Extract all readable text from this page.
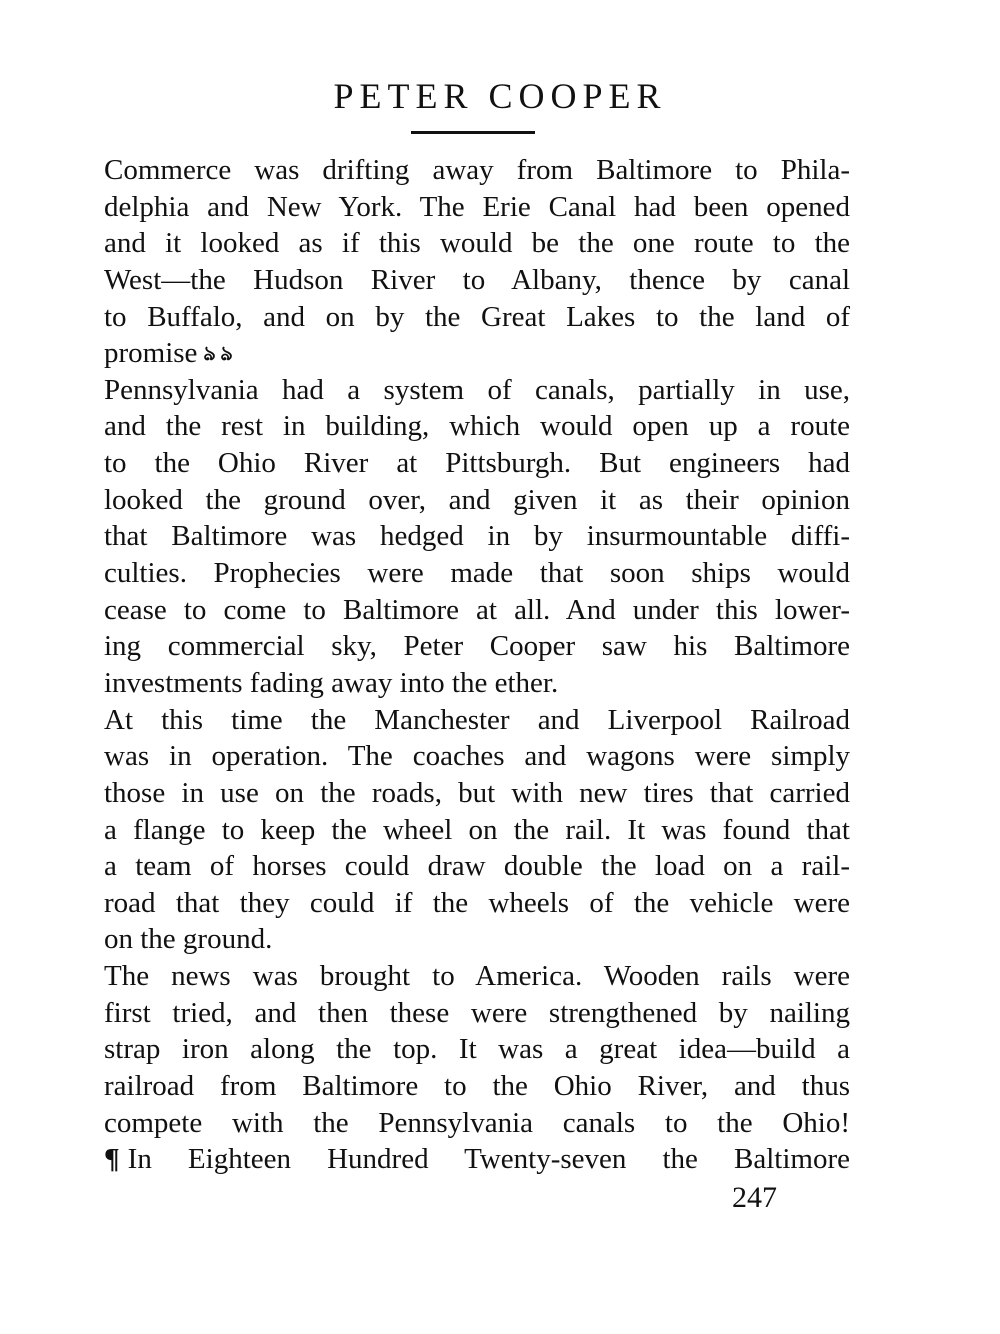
PETER COOPER
Commerce was drifting away from Baltimore to Phila-
delphia and New York. The Erie Canal had been opened
and it looked as if this would be the one route to the
West—the Hudson River to Albany, thence by canal
to Buffalo, and on by the Great Lakes to the land of
promise ঌ ঌ
Pennsylvania had a system of canals, partially in use,
and the rest in building, which would open up a route
to the Ohio River at Pittsburgh. But engineers had
looked the ground over, and given it as their opinion
that Baltimore was hedged in by insurmountable diffi-
culties. Prophecies were made that soon ships would
cease to come to Baltimore at all. And under this lower-
ing commercial sky, Peter Cooper saw his Baltimore
investments fading away into the ether.
At this time the Manchester and Liverpool Railroad
was in operation. The coaches and wagons were simply
those in use on the roads, but with new tires that carried
a flange to keep the wheel on the rail. It was found that
a team of horses could draw double the load on a rail-
road that they could if the wheels of the vehicle were
on the ground.
The news was brought to America. Wooden rails were
first tried, and then these were strengthened by nailing
strap iron along the top. It was a great idea—build a
railroad from Baltimore to the Ohio River, and thus
compete with the Pennsylvania canals to the Ohio!
¶ In Eighteen Hundred Twenty-seven the Baltimore
247
